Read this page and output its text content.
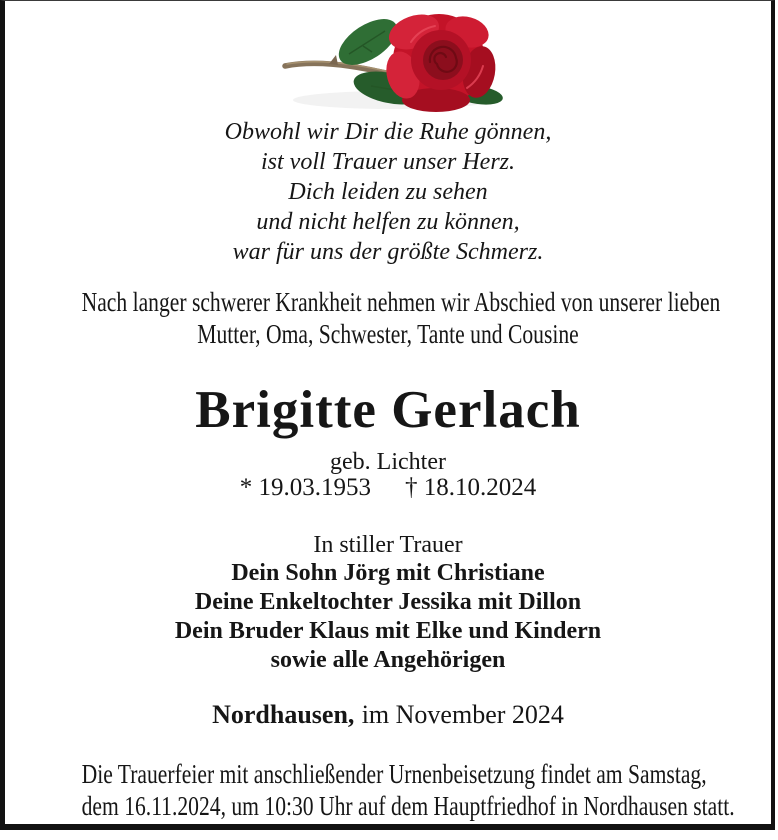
Obwohl wir Dir die Ruhe gönnen,
ist voll Trauer unser Herz.
Dich leiden zu sehen
und nicht helfen zu können,
war für uns der größte Schmerz.
Nach langer schwerer Krankheit nehmen wir Abschied von unserer lieben
Mutter, Oma, Schwester, Tante und Cousine
Brigitte Gerlach
geb. Lichter
* 19.03.1953 † 18.10.2024
In stiller Trauer
Dein Sohn Jörg mit Christiane
Deine Enkeltochter Jessika mit Dillon
Dein Bruder Klaus mit Elke und Kindern
sowie alle Angehörigen
Nordhausen, im November 2024
Die Trauerfeier mit anschließender Urnenbeisetzung findet am Samstag,
dem 16.11.2024, um 10:30 Uhr auf dem Hauptfriedhof in Nordhausen statt.
